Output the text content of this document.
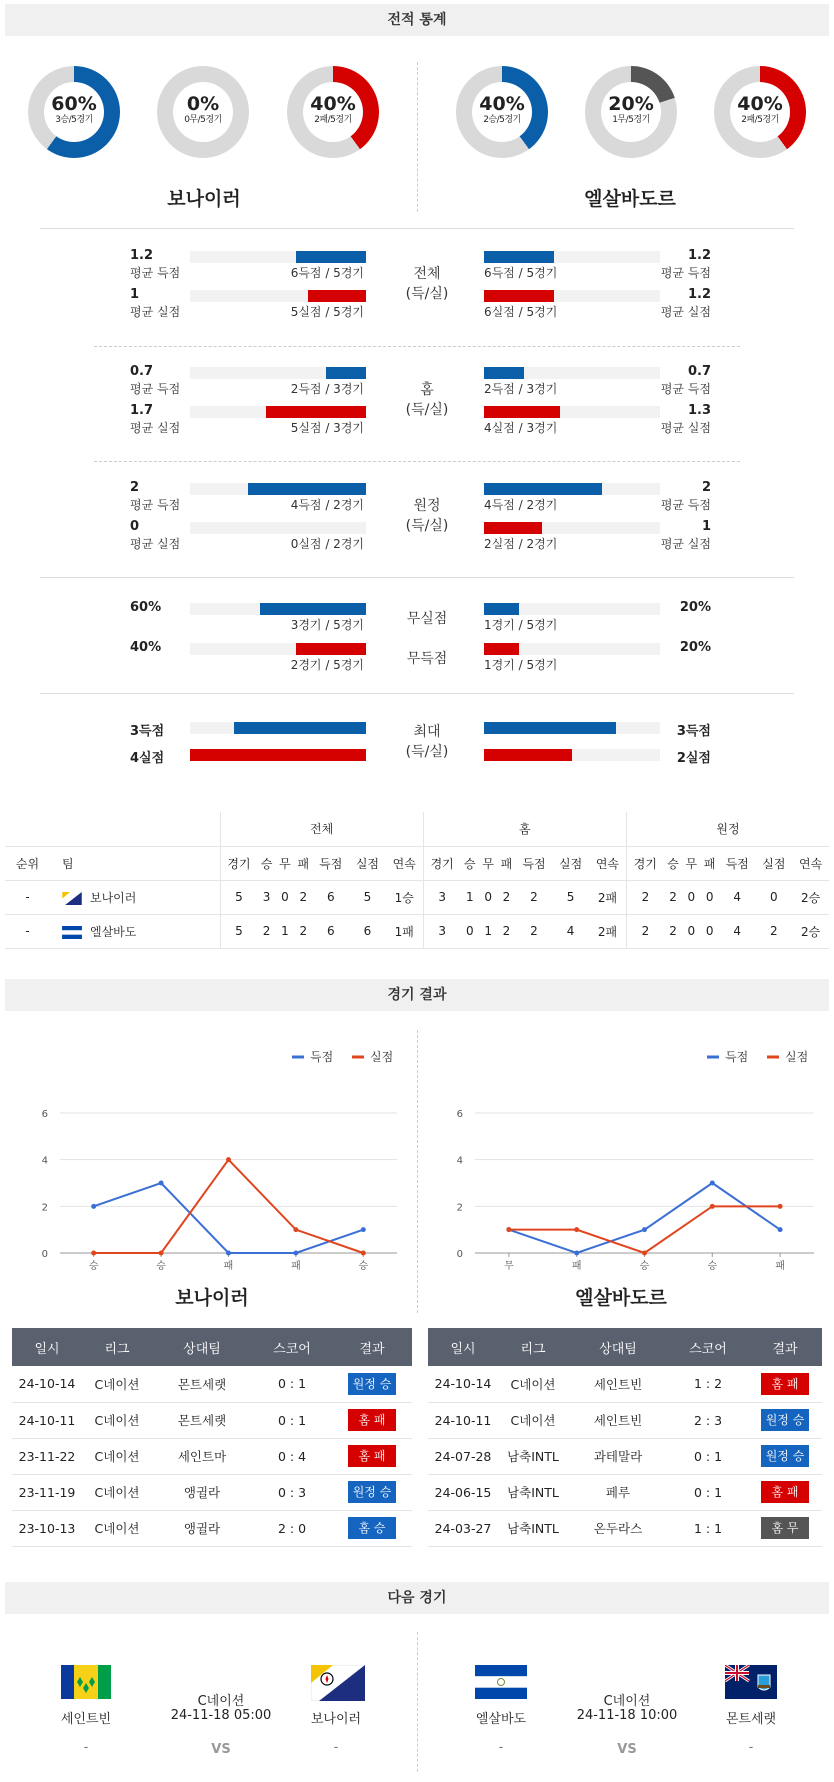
전적 통계
60%
3승/5경기
0%
0무/5경기
40%
2패/5경기
40%
2승/5경기
20%
1무/5경기
40%
2패/5경기
보나이러	엘살바도르
1.2
평균 득점	6득점 / 5경기
1
평균 실점	5실점 / 5경기
전체
(득/실)
6득점 / 5경기
1.2
평균 득점
6실점 / 5경기
1.2
평균 실점
0.7
평균 득점	2득점 / 3경기
1.7
평균 실점	5실점 / 3경기
홈
(득/실)
2득점 / 3경기
0.7
평균 득점
4실점 / 3경기
1.3
평균 실점
2
평균 득점	4득점 / 2경기
0
평균 실점	0실점 / 2경기
원정
(득/실)
4득점 / 2경기
2
평균 득점
2실점 / 2경기
1
평균 실점
60%
3경기 / 5경기	무실점	1경기 / 5경기
20%
40%
2경기 / 5경기	무득점	1경기 / 5경기
20%
3득점
4실점
최대
(득/실)
3득점
2실점
		전체							홈							원정						
순위	팀	경기	승	무	패	득점	실점	연속	경기	승	무	패	득점	실점	연속	경기	승	무	패	득점	실점	연속
-	보나이러	5	3	0	2	6	5	1승	3	1	0	2	2	5	2패	2	2	0	0	4	0	2승
-	엘살바도	5	2	1	2	6	6	1패	3	0	1	2	2	4	2패	2	2	0	0	4	2	2승
경기 결과
득점	실점
0
2
4
6
승	승	패	패	승
득점	실점
0
2
4
6
무	패	승	승	패
보나이러	엘살바도르
일시	리그	상대팀	스코어	결과
24-10-14	C네이션	몬트세랫	0 : 1	원정 승
24-10-11	C네이션	몬트세랫	0 : 1	홈 패
23-11-22	C네이션	세인트마	0 : 4	홈 패
23-11-19	C네이션	앵귈라	0 : 3	원정 승
23-10-13	C네이션	앵귈라	2 : 0	홈 승
일시	리그	상대팀	스코어	결과
24-10-14	C네이션	세인트빈	1 : 2	홈 패
24-10-11	C네이션	세인트빈	2 : 3	원정 승
24-07-28	남축INTL	과테말라	0 : 1	원정 승
24-06-15	남축INTL	페루	0 : 1	홈 패
24-03-27	남축INTL	온두라스	1 : 1	홈 무
다음 경기
세인트빈
-
C네이션
24-11-18 05:00
VS
보나이러
-
엘살바도
-
C네이션
24-11-18 10:00
VS
몬트세랫
-
